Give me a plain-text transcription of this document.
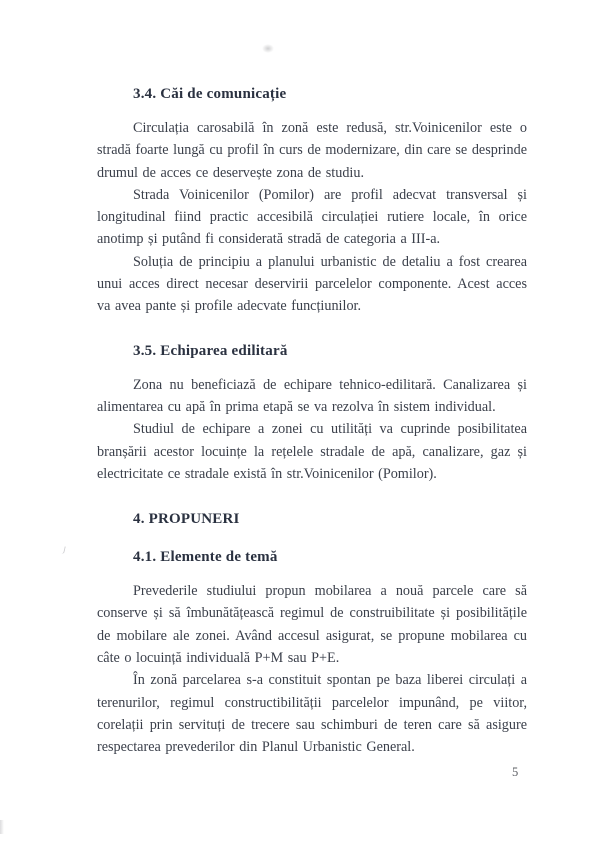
3.4. Căi de comunicație

Circulația carosabilă în zonă este redusă, str.Voinicenilor este o stradă foarte lungă cu profil în curs de modernizare, din care se desprinde drumul de acces ce deservește zona de studiu.

Strada Voinicenilor (Pomilor) are profil adecvat transversal și longitudinal fiind practic accesibilă circulației rutiere locale, în orice anotimp și putând fi considerată stradă de categoria a III-a.

Soluția de principiu a planului urbanistic de detaliu a fost crearea unui acces direct necesar deservirii parcelelor componente. Acest acces va avea pante și profile adecvate funcțiunilor.

3.5. Echiparea edilitară

Zona nu beneficiază de echipare tehnico-edilitară. Canalizarea și alimentarea cu apă în prima etapă se va rezolva în sistem individual.

Studiul de echipare a zonei cu utilități va cuprinde posibilitatea branșării acestor locuințe la rețelele stradale de apă, canalizare, gaz și electricitate ce stradale există în str.Voinicenilor (Pomilor).

4. PROPUNERI
4.1. Elemente de temă

Prevederile studiului propun mobilarea a nouă parcele care să conserve și să îmbunătățească regimul de construibilitate și posibilitățile de mobilare ale zonei. Având accesul asigurat, se propune mobilarea cu câte o locuință individuală P+M sau P+E.

În zonă parcelarea s-a constituit spontan pe baza liberei circulați a terenurilor, regimul constructibilității parcelelor impunând, pe viitor, corelații prin servituți de trecere sau schimburi de teren care să asigure respectarea prevederilor din Planul Urbanistic General.

5
